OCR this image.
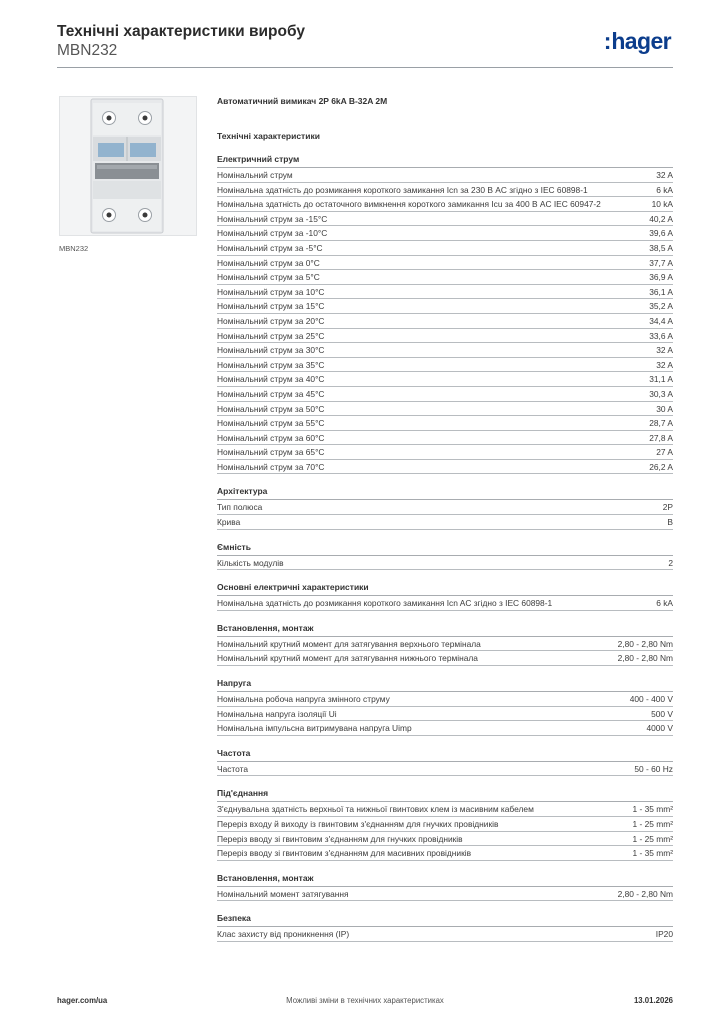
Технічні характеристики виробу
MBN232	:hager
MBN232
Автоматичний вимикач 2P 6kA B-32A 2M
Технічні характеристики
Електричний струм
Номінальний струм	32 A
Номінальна здатність до розмикання короткого замикання Icn за 230 В AC згідно з IEC 60898-1	6 kA
Номінальна здатність до остаточного вимкнення короткого замикання Icu за 400 В AC IEC 60947-2	10 kA
Номінальний струм за -15°C	40,2 A
Номінальний струм за -10°C	39,6 A
Номінальний струм за -5°C	38,5 A
Номінальний струм за 0°C	37,7 A
Номінальний струм за 5°C	36,9 A
Номінальний струм за 10°C	36,1 A
Номінальний струм за 15°C	35,2 A
Номінальний струм за 20°C	34,4 A
Номінальний струм за 25°C	33,6 A
Номінальний струм за 30°C	32 A
Номінальний струм за 35°C	32 A
Номінальний струм за 40°C	31,1 A
Номінальний струм за 45°C	30,3 A
Номінальний струм за 50°C	30 A
Номінальний струм за 55°C	28,7 A
Номінальний струм за 60°C	27,8 A
Номінальний струм за 65°C	27 A
Номінальний струм за 70°C	26,2 A
Архітектура
Тип полюса	2P
Крива	B
Ємність
Кількість модулів	2
Основні електричні характеристики
Номінальна здатність до розмикання короткого замикання Icn AC згідно з IEC 60898-1	6 kA
Встановлення, монтаж
Номінальний крутний момент для затягування верхнього термінала	2,80 - 2,80 Nm
Номінальний крутний момент для затягування нижнього термінала	2,80 - 2,80 Nm
Напруга
Номінальна робоча напруга змінного струму	400 - 400 V
Номінальна напруга ізоляції Ui	500 V
Номінальна імпульсна витримувана напруга Uimp	4000 V
Частота
Частота	50 - 60 Hz
Під'єднання
З'єднувальна здатність верхньої та нижньої гвинтових клем із масивним кабелем	1 - 35 mm²
Переріз входу й виходу із гвинтовим з'єднанням для гнучких провідників	1 - 25 mm²
Переріз вводу зі гвинтовим з'єднанням для гнучких провідників	1 - 25 mm²
Переріз вводу зі гвинтовим з'єднанням для масивних провідників	1 - 35 mm²
Встановлення, монтаж
Номінальний момент затягування	2,80 - 2,80 Nm
Безпека
Клас захисту від проникнення (IP)	IP20
hager.com/ua	Можливі зміни в технічних характеристиках	13.01.2026
